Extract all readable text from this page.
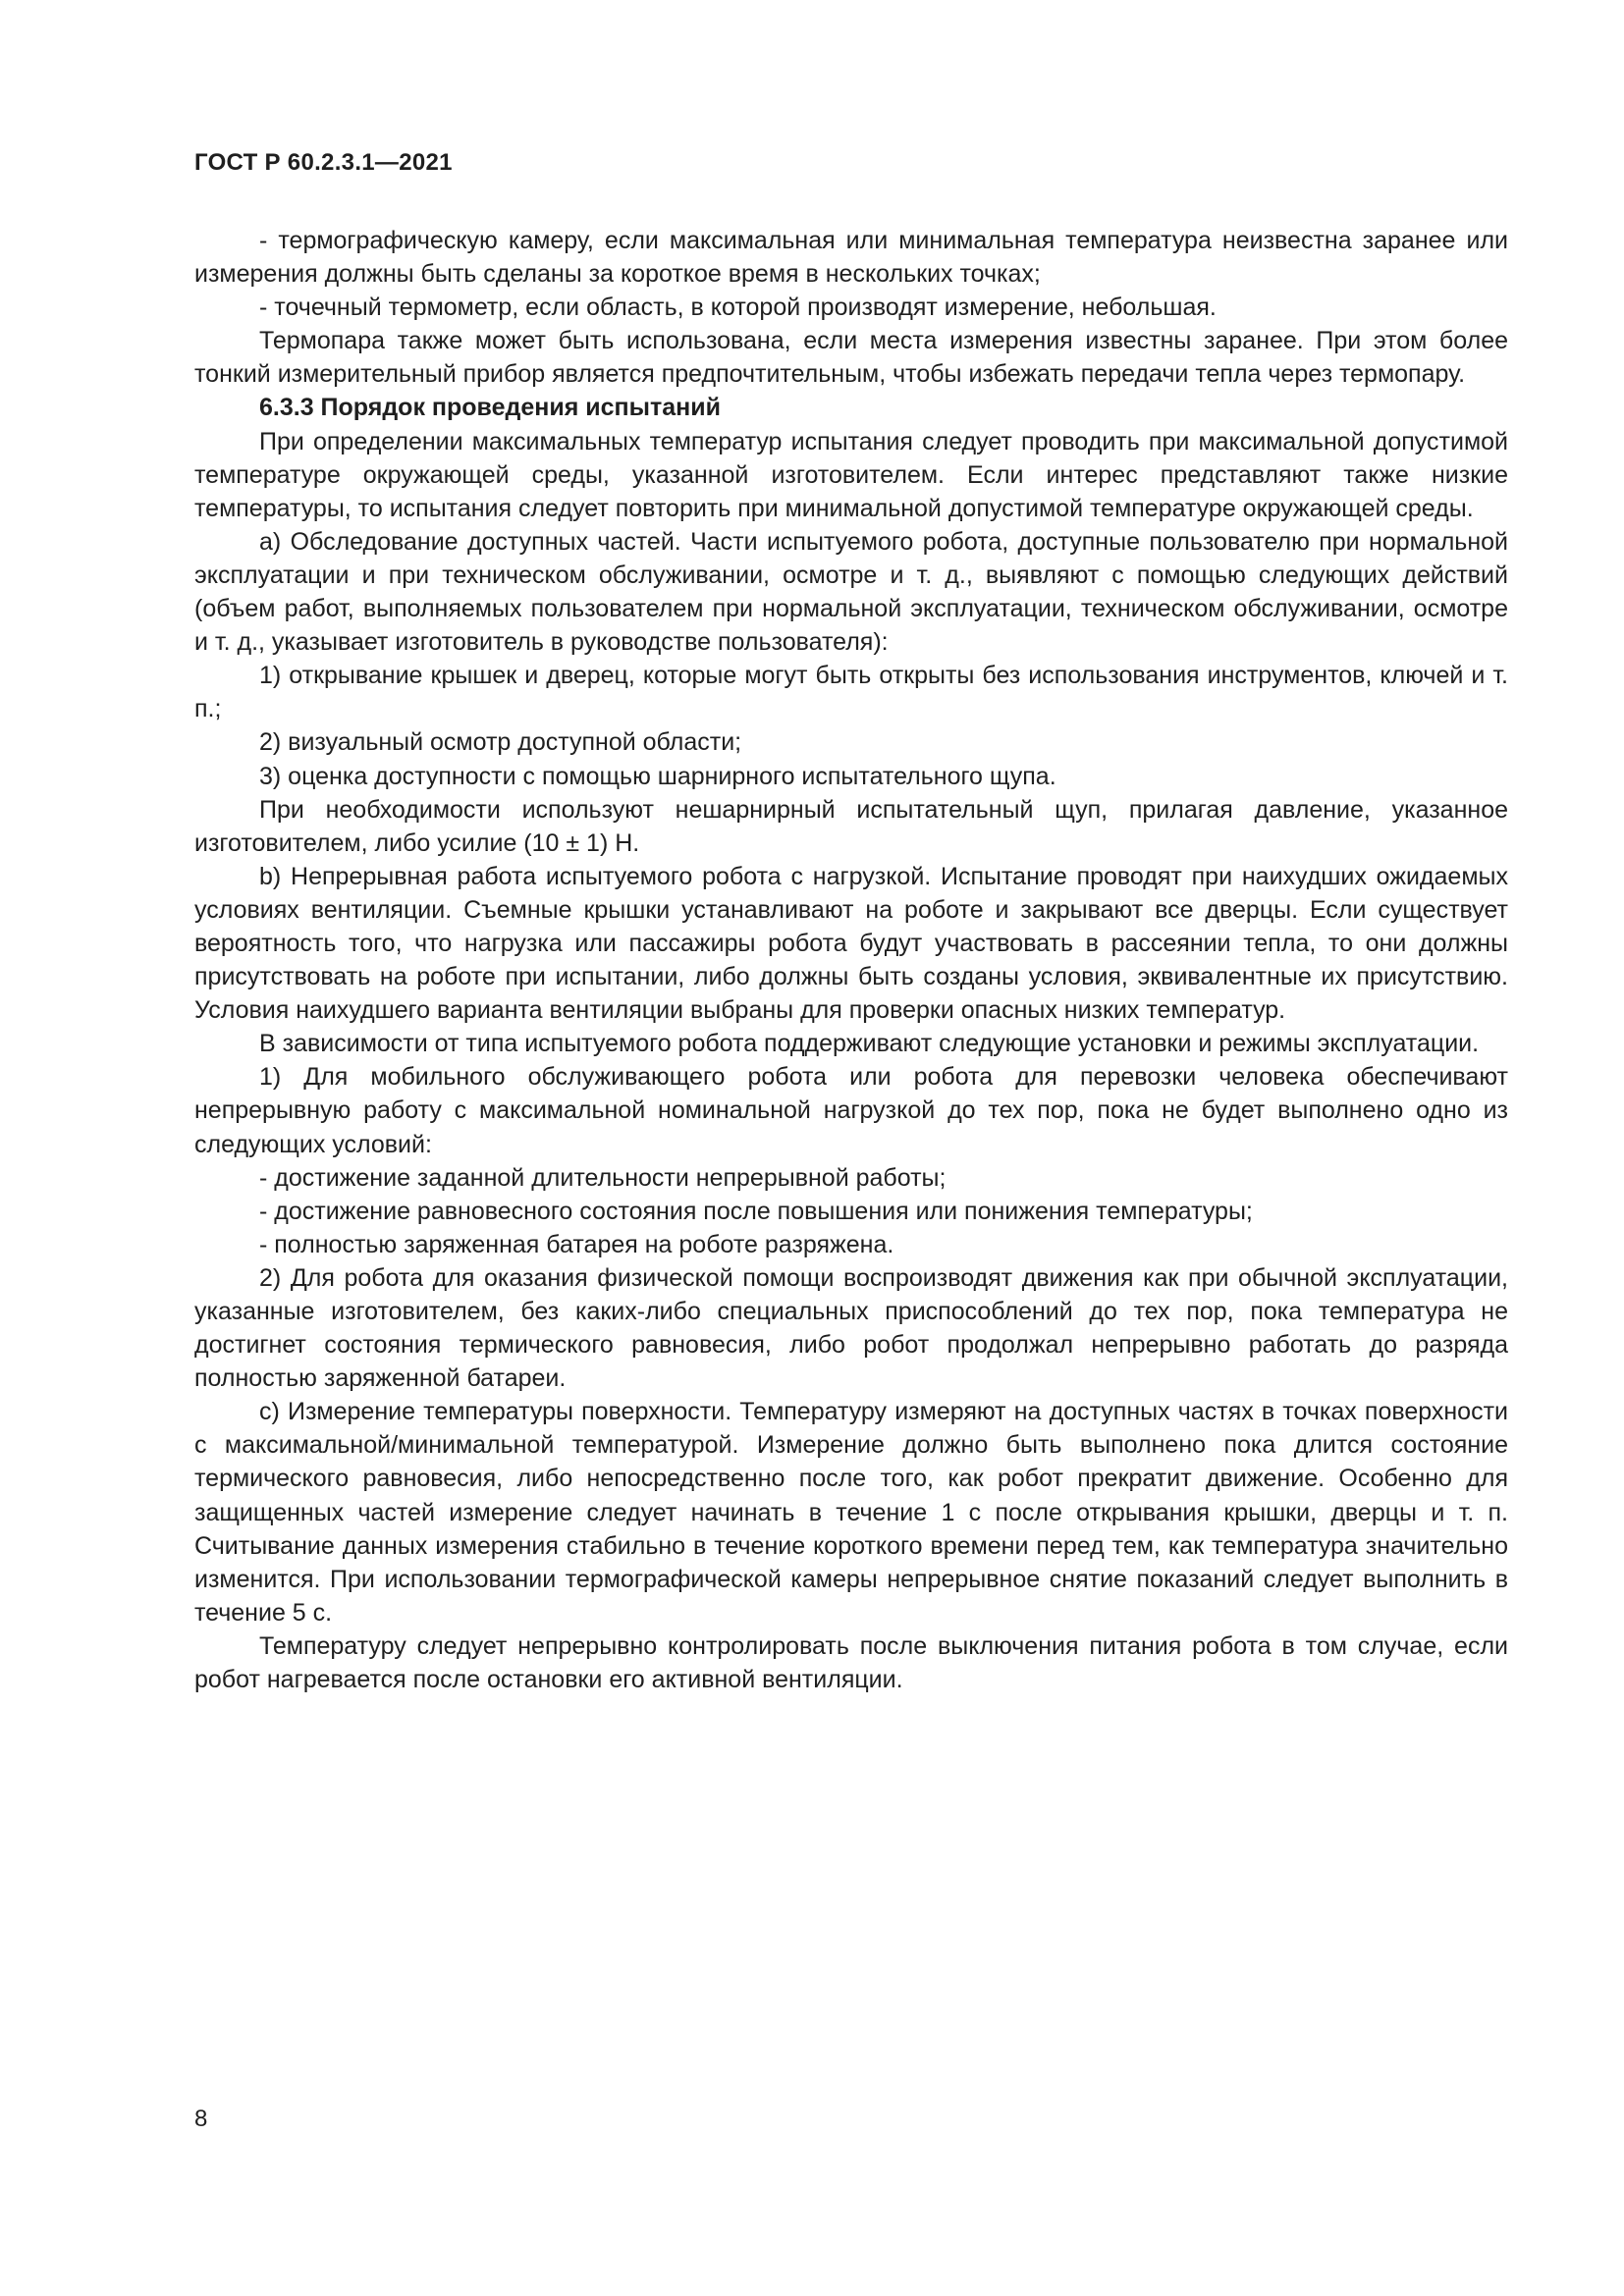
ГОСТ Р 60.2.3.1—2021

- термографическую камеру, если максимальная или минимальная температура неизвестна заранее или измерения должны быть сделаны за короткое время в нескольких точках;

- точечный термометр, если область, в которой производят измерение, небольшая.

Термопара также может быть использована, если места измерения известны заранее. При этом более тонкий измерительный прибор является предпочтительным, чтобы избежать передачи тепла через термопару.

6.3.3 Порядок проведения испытаний

При определении максимальных температур испытания следует проводить при максимальной допустимой температуре окружающей среды, указанной изготовителем. Если интерес представляют также низкие температуры, то испытания следует повторить при минимальной допустимой температуре окружающей среды.

a) Обследование доступных частей. Части испытуемого робота, доступные пользователю при нормальной эксплуатации и при техническом обслуживании, осмотре и т. д., выявляют с помощью следующих действий (объем работ, выполняемых пользователем при нормальной эксплуатации, техническом обслуживании, осмотре и т. д., указывает изготовитель в руководстве пользователя):

1) открывание крышек и дверец, которые могут быть открыты без использования инструментов, ключей и т. п.;

2) визуальный осмотр доступной области;

3) оценка доступности с помощью шарнирного испытательного щупа.

При необходимости используют нешарнирный испытательный щуп, прилагая давление, указанное изготовителем, либо усилие (10 ± 1) Н.

b) Непрерывная работа испытуемого робота с нагрузкой. Испытание проводят при наихудших ожидаемых условиях вентиляции. Съемные крышки устанавливают на роботе и закрывают все дверцы. Если существует вероятность того, что нагрузка или пассажиры робота будут участвовать в рассеянии тепла, то они должны присутствовать на роботе при испытании, либо должны быть созданы условия, эквивалентные их присутствию. Условия наихудшего варианта вентиляции выбраны для проверки опасных низких температур.

В зависимости от типа испытуемого робота поддерживают следующие установки и режимы эксплуатации.

1) Для мобильного обслуживающего робота или робота для перевозки человека обеспечивают непрерывную работу с максимальной номинальной нагрузкой до тех пор, пока не будет выполнено одно из следующих условий:

- достижение заданной длительности непрерывной работы;

- достижение равновесного состояния после повышения или понижения температуры;

- полностью заряженная батарея на роботе разряжена.

2) Для робота для оказания физической помощи воспроизводят движения как при обычной эксплуатации, указанные изготовителем, без каких-либо специальных приспособлений до тех пор, пока температура не достигнет состояния термического равновесия, либо робот продолжал непрерывно работать до разряда полностью заряженной батареи.

c) Измерение температуры поверхности. Температуру измеряют на доступных частях в точках поверхности с максимальной/минимальной температурой. Измерение должно быть выполнено пока длится состояние термического равновесия, либо непосредственно после того, как робот прекратит движение. Особенно для защищенных частей измерение следует начинать в течение 1 с после открывания крышки, дверцы и т. п. Считывание данных измерения стабильно в течение короткого времени перед тем, как температура значительно изменится. При использовании термографической камеры непрерывное снятие показаний следует выполнить в течение 5 с.

Температуру следует непрерывно контролировать после выключения питания робота в том случае, если робот нагревается после остановки его активной вентиляции.

8
